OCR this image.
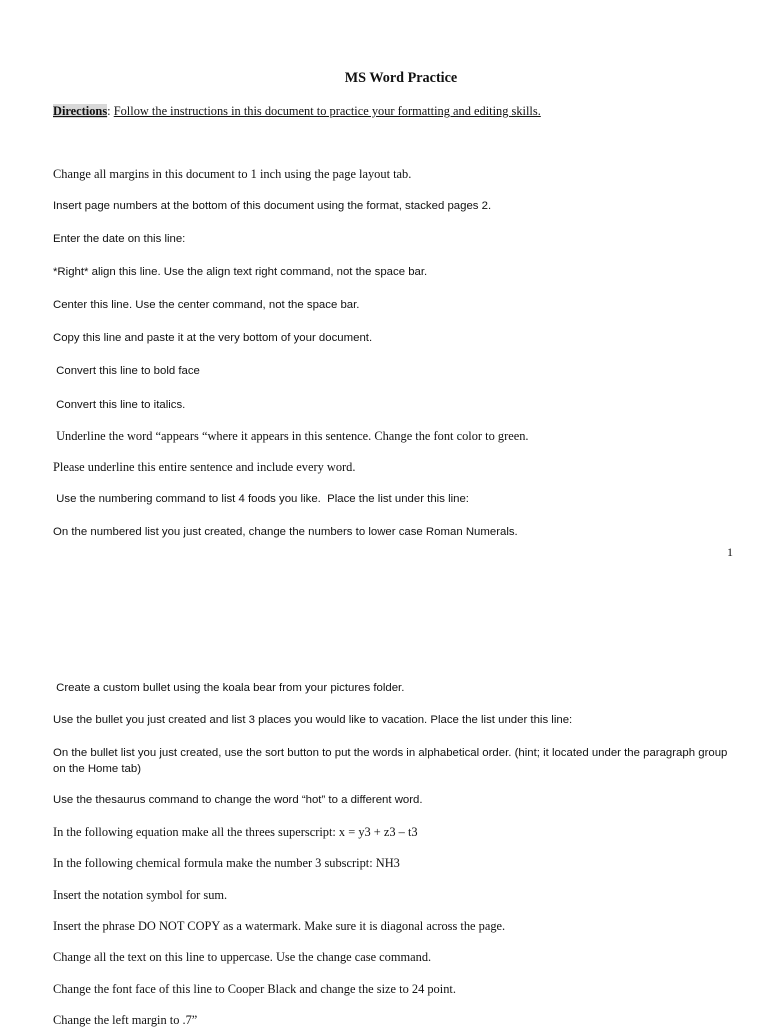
MS Word Practice
Directions: Follow the instructions in this document to practice your formatting and editing skills.
Change all margins in this document to 1 inch using the page layout tab.
Insert page numbers at the bottom of this document using the format, stacked pages 2.
Enter the date on this line:
*Right* align this line. Use the align text right command, not the space bar.
Center this line. Use the center command, not the space bar.
Copy this line and paste it at the very bottom of your document.
Convert this line to bold face
Convert this line to italics.
Underline the word “appears “where it appears in this sentence. Change the font color to green.
Please underline this entire sentence and include every word.
Use the numbering command to list 4 foods you like.  Place the list under this line:
On the numbered list you just created, change the numbers to lower case Roman Numerals.
1
Create a custom bullet using the koala bear from your pictures folder.
Use the bullet you just created and list 3 places you would like to vacation. Place the list under this line:
On the bullet list you just created, use the sort button to put the words in alphabetical order. (hint; it located under the paragraph group on the Home tab)
Use the thesaurus command to change the word “hot” to a different word.
In the following equation make all the threes superscript: x = y3 + z3 – t3
In the following chemical formula make the number 3 subscript: NH3
Insert the notation symbol for sum.
Insert the phrase DO NOT COPY as a watermark. Make sure it is diagonal across the page.
Change all the text on this line to uppercase. Use the change case command.
Change the font face of this line to Cooper Black and change the size to 24 point.
Change the left margin to .7”
